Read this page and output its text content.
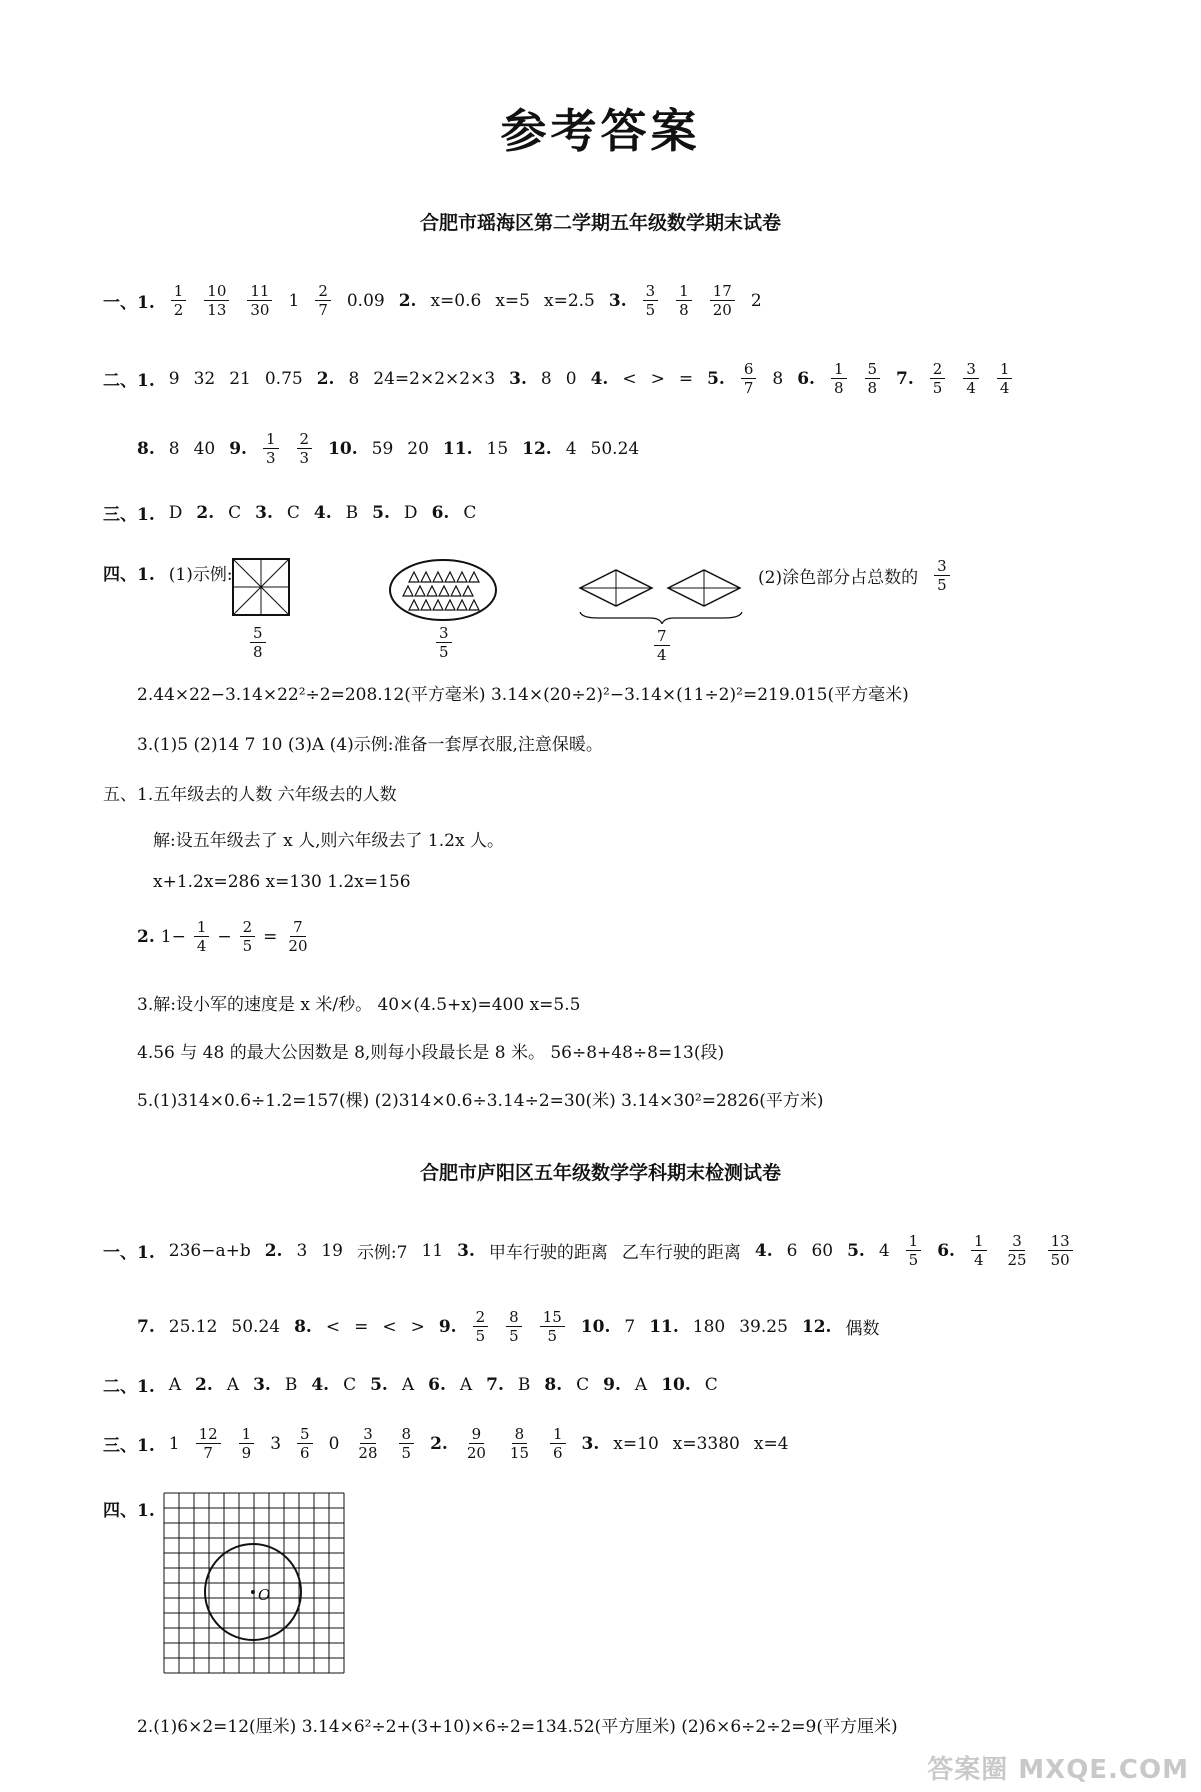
参考答案
合肥市瑶海区第二学期五年级数学期末试卷
一、1. $\frac{1}{2} \frac{10}{13} \frac{11}{30} 1 \frac{2}{7} 0.09$ 2. x=0.6 x=5 x=2.5 3. $\frac{3}{5} \frac{1}{8} \frac{17}{20} 2$
二、1. 9 32 21 0.75 2. 8 24=2×2×2×3 3. 8 0 4. < > = 5. $\frac{6}{7} 8$ 6. $\frac{1}{8} \frac{5}{8} 7$. $\frac{2}{5} \frac{3}{4} \frac{1}{4}$
8. 8 40 9. $\frac{1}{3} \frac{2}{3} 10$. 59 20 11. 15 12. 4 50.24
三、1. D 2. C 3. C 4. B 5. D 6. C
四、1. (1)示例:
$\frac{5}{8}$	$\frac{3}{5}$	$\frac{7}{4}$
(2)涂色部分占总数的 $\frac{3}{5}$
2.44×22−3.14×22²÷2=208.12(平方毫米) 3.14×(20÷2)²−3.14×(11÷2)²=219.015(平方毫米)
3.(1)5 (2)14 7 10 (3)A (4)示例:准备一套厚衣服,注意保暖。
五、1.五年级去的人数 六年级去的人数
解:设五年级去了 x 人,则六年级去了 1.2x 人。
x+1.2x=286 x=130 1.2x=156
2. $1- \frac{1}{4} - \frac{2}{5} = \frac{7}{20}$
3.解:设小军的速度是 x 米/秒。 40×(4.5+x)=400 x=5.5
4.56 与 48 的最大公因数是 8,则每小段最长是 8 米。 56÷8+48÷8=13(段)
5.(1)314×0.6÷1.2=157(棵) (2)314×0.6÷3.14÷2=30(米) 3.14×30²=2826(平方米)
合肥市庐阳区五年级数学学科期末检测试卷
一、1. 236−a+b 2. 3 19 示例:7 11 3. 甲车行驶的距离 乙车行驶的距离 4. 6 60 5. $4 \frac{1}{5} 6$. $\frac{1}{4} \frac{3}{25} \frac{13}{50}$
7. 25.12 50.24 8. < = < > 9. $\frac{2}{5} \frac{8}{5} \frac{15}{5} 10$. 7 11. 180 39.25 12. 偶数
二、1. A 2. A 3. B 4. C 5. A 6. A 7. B 8. C 9. A 10. C
三、1. $1 \frac{12}{7} \frac{1}{9} 3 \frac{5}{6} 0 \frac{3}{28} \frac{8}{5} 2$. $\frac{9}{20} \frac{8}{15} \frac{1}{6} 3$. x=10 x=3380 x=4
四、1.
O
2.(1)6×2=12(厘米) 3.14×6²÷2+(3+10)×6÷2=134.52(平方厘米) (2)6×6÷2÷2=9(平方厘米)
答案圈 MXQE.COM
